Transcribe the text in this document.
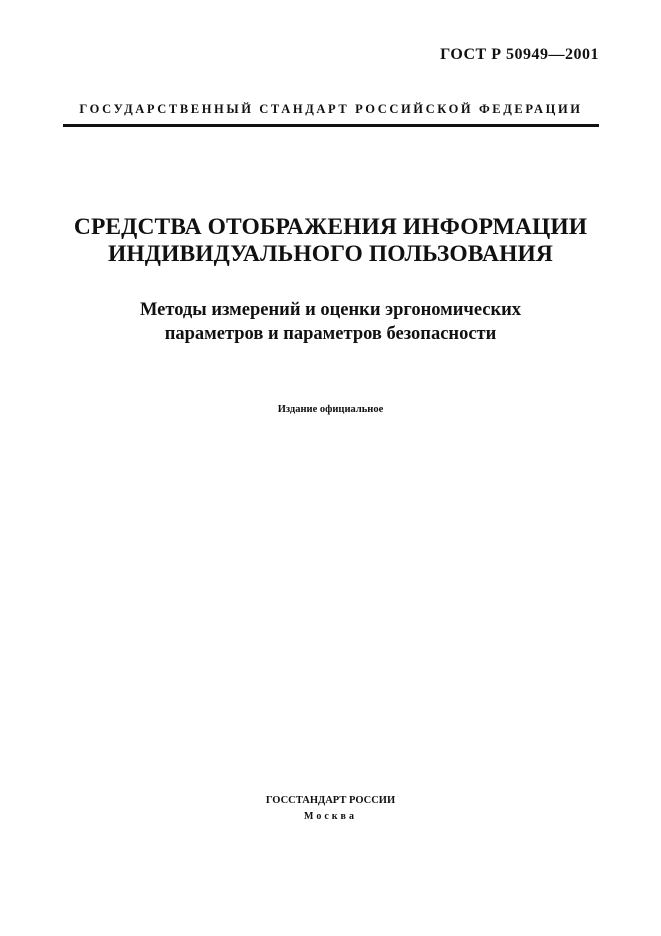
ГОСТ Р 50949—2001
ГОСУДАРСТВЕННЫЙ СТАНДАРТ РОССИЙСКОЙ ФЕДЕРАЦИИ
СРЕДСТВА ОТОБРАЖЕНИЯ ИНФОРМАЦИИ
ИНДИВИДУАЛЬНОГО ПОЛЬЗОВАНИЯ
Методы измерений и оценки эргономических
параметров и параметров безопасности
Издание официальное
ГОССТАНДАРТ РОССИИ
Москва
